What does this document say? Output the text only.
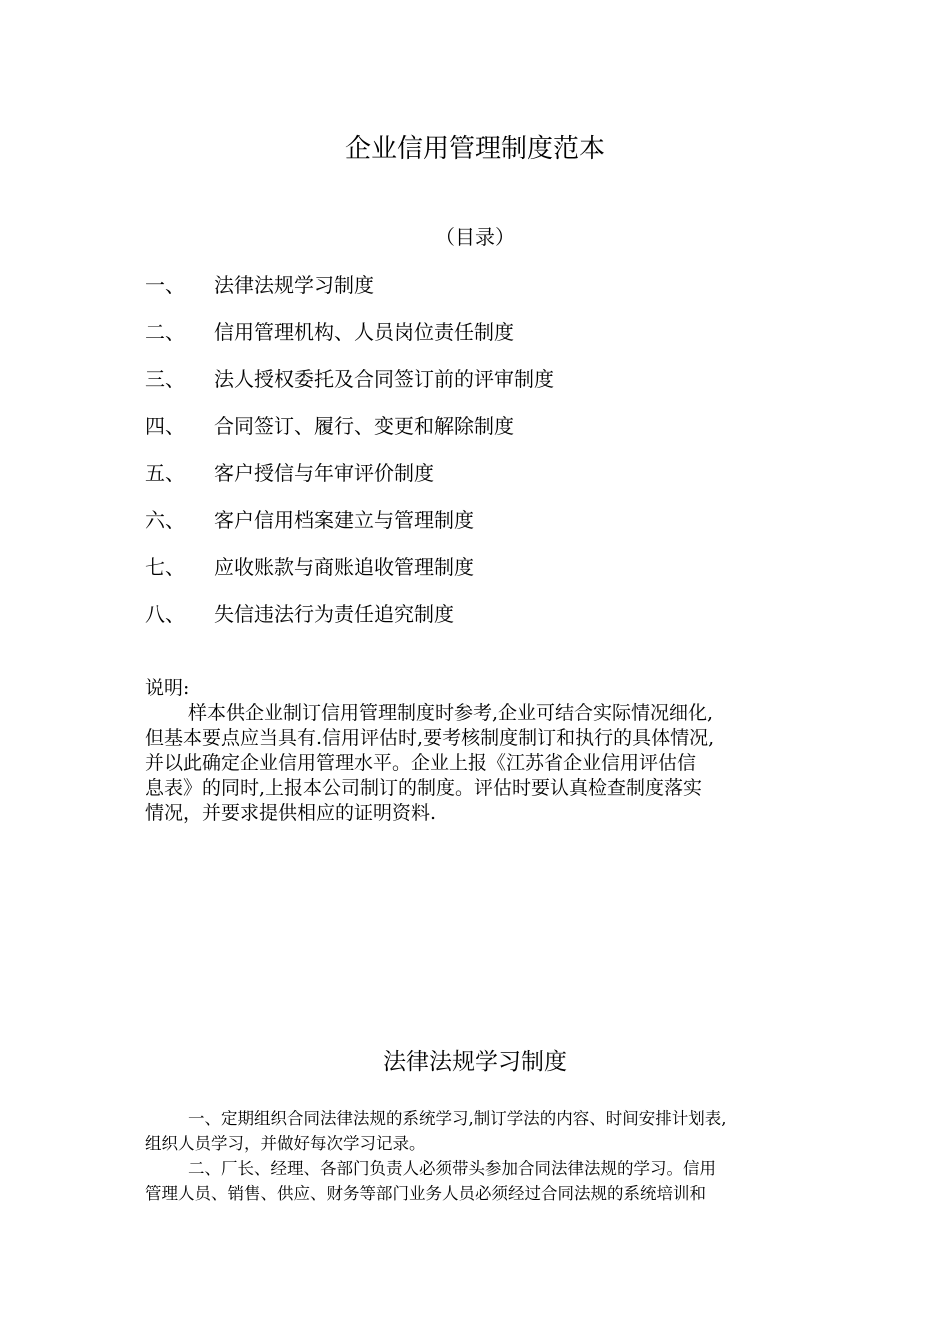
企业信用管理制度范本
（目录）
一、	法律法规学习制度
二、	信用管理机构、人员岗位责任制度
三、	法人授权委托及合同签订前的评审制度
四、	合同签订、履行、变更和解除制度
五、	客户授信与年审评价制度
六、	客户信用档案建立与管理制度
七、	应收账款与商账追收管理制度
八、	失信违法行为责任追究制度
说明:
样本供企业制订信用管理制度时参考,企业可结合实际情况细化,
但基本要点应当具有.信用评估时,要考核制度制订和执行的具体情况,
并以此确定企业信用管理水平。企业上报《江苏省企业信用评估信
息表》的同时,上报本公司制订的制度。评估时要认真检查制度落实
情况，并要求提供相应的证明资料.
法律法规学习制度
一、定期组织合同法律法规的系统学习,制订学法的内容、时间安排计划表,
组织人员学习，并做好每次学习记录。
二、厂长、经理、各部门负责人必须带头参加合同法律法规的学习。信用
管理人员、销售、供应、财务等部门业务人员必须经过合同法规的系统培训和
